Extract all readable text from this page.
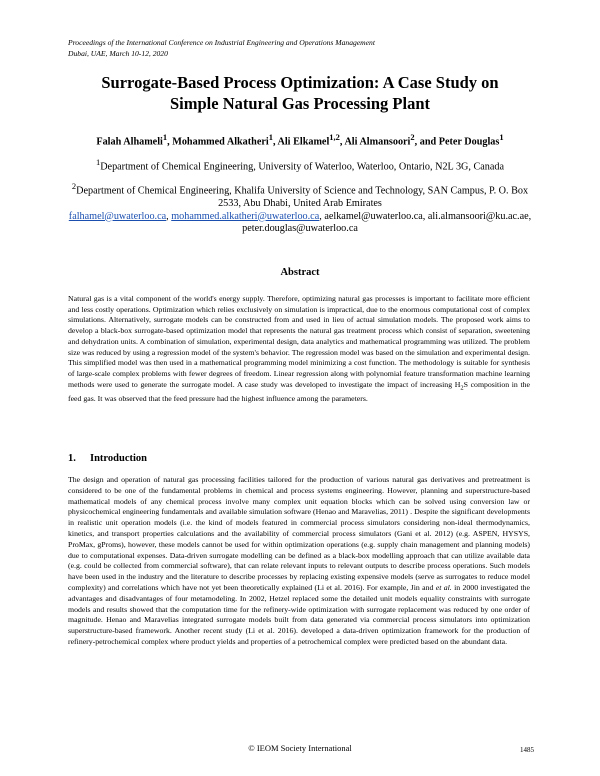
Proceedings of the International Conference on Industrial Engineering and Operations Management
Dubai, UAE, March 10-12, 2020
Surrogate-Based Process Optimization: A Case Study on
Simple Natural Gas Processing Plant
Falah Alhameli$^1$, Mohammed Alkatheri$^1$, Ali Elkamel$^{1,2}$, Ali Almansoori$^2$, and Peter Douglas$^1$

$^1$Department of Chemical Engineering, University of Waterloo, Waterloo, Ontario, N2L 3G, Canada

$^2$Department of Chemical Engineering, Khalifa University of Science and Technology, SAN Campus, P. O. Box 2533, Abu Dhabi, United Arab Emirates

falhamel@uwaterloo.ca, mohammed.alkatheri@uwaterloo.ca, aelkamel@uwaterloo.ca, ali.almansoori@ku.ac.ae, peter.douglas@uwaterloo.ca

Abstract
Natural gas is a vital component of the world's energy supply. Therefore, optimizing natural gas processes is important to facilitate more efficient and less costly operations. Optimization which relies exclusively on simulation is impractical, due to the enormous computational cost of complex simulations. Alternatively, surrogate models can be constructed from and used in lieu of actual simulation models. The proposed work aims to develop a black-box surrogate-based optimization model that represents the natural gas treatment process which consist of separation, sweetening and dehydration units. A combination of simulation, experimental design, data analytics and mathematical programming was utilized. The problem size was reduced by using a regression model of the system's behavior. The regression model was based on the simulation and experimental design. This simplified model was then used in a mathematical programming model minimizing a cost function. The methodology is suitable for synthesis of large-scale complex problems with fewer degrees of freedom. Linear regression along with polynomial feature transformation machine learning methods were used to generate the surrogate model. A case study was developed to investigate the impact of increasing $H_2S$ composition in the feed gas. It was observed that the feed pressure had the highest influence among the parameters.
1. Introduction
The design and operation of natural gas processing facilities tailored for the production of various natural gas derivatives and pretreatment is considered to be one of the fundamental problems in chemical and process systems engineering. However, planning and superstructure-based mathematical models of any chemical process involve many complex unit equation blocks which can be solved using conversion law or physicochemical engineering fundamentals and available simulation software (Henao and Maravelias, 2011) . Despite the significant developments in realistic unit operation models (i.e. the kind of models featured in commercial process simulators considering non-ideal thermodynamics, kinetics, and transport properties calculations and the availability of commercial process simulators (Gani et al. 2012) (e.g. ASPEN, HYSYS, ProMax, gProms), however, these models cannot be used for within optimization operations (e.g. supply chain management and planning models) due to computational expenses. Data-driven surrogate modelling can be defined as a black-box modelling approach that can utilize available data (e.g. could be collected from commercial software), that can relate relevant inputs to relevant outputs to describe process operations. Such models have been used in the industry and the literature to describe processes by replacing existing expensive models (serve as surrogates to reduce model complexity) and correlations which have not yet been theoretically explained (Li et al. 2016). For example, Jin and et al. in 2000 investigated the advantages and disadvantages of four metamodeling. In 2002, Hetzel replaced some the detailed unit models equality constraints with surrogate models and results showed that the computation time for the refinery-wide optimization with surrogate replacement was reduced by one order of magnitude. Henao and Maravelias integrated surrogate models built from data generated via commercial process simulators into optimization superstructure-based framework. Another recent study (Li et al. 2016). developed a data-driven optimization framework for the production of refinery-petrochemical complex where product yields and properties of a petrochemical complex were predicted based on the abundant data.
© IEOM Society International	1485
